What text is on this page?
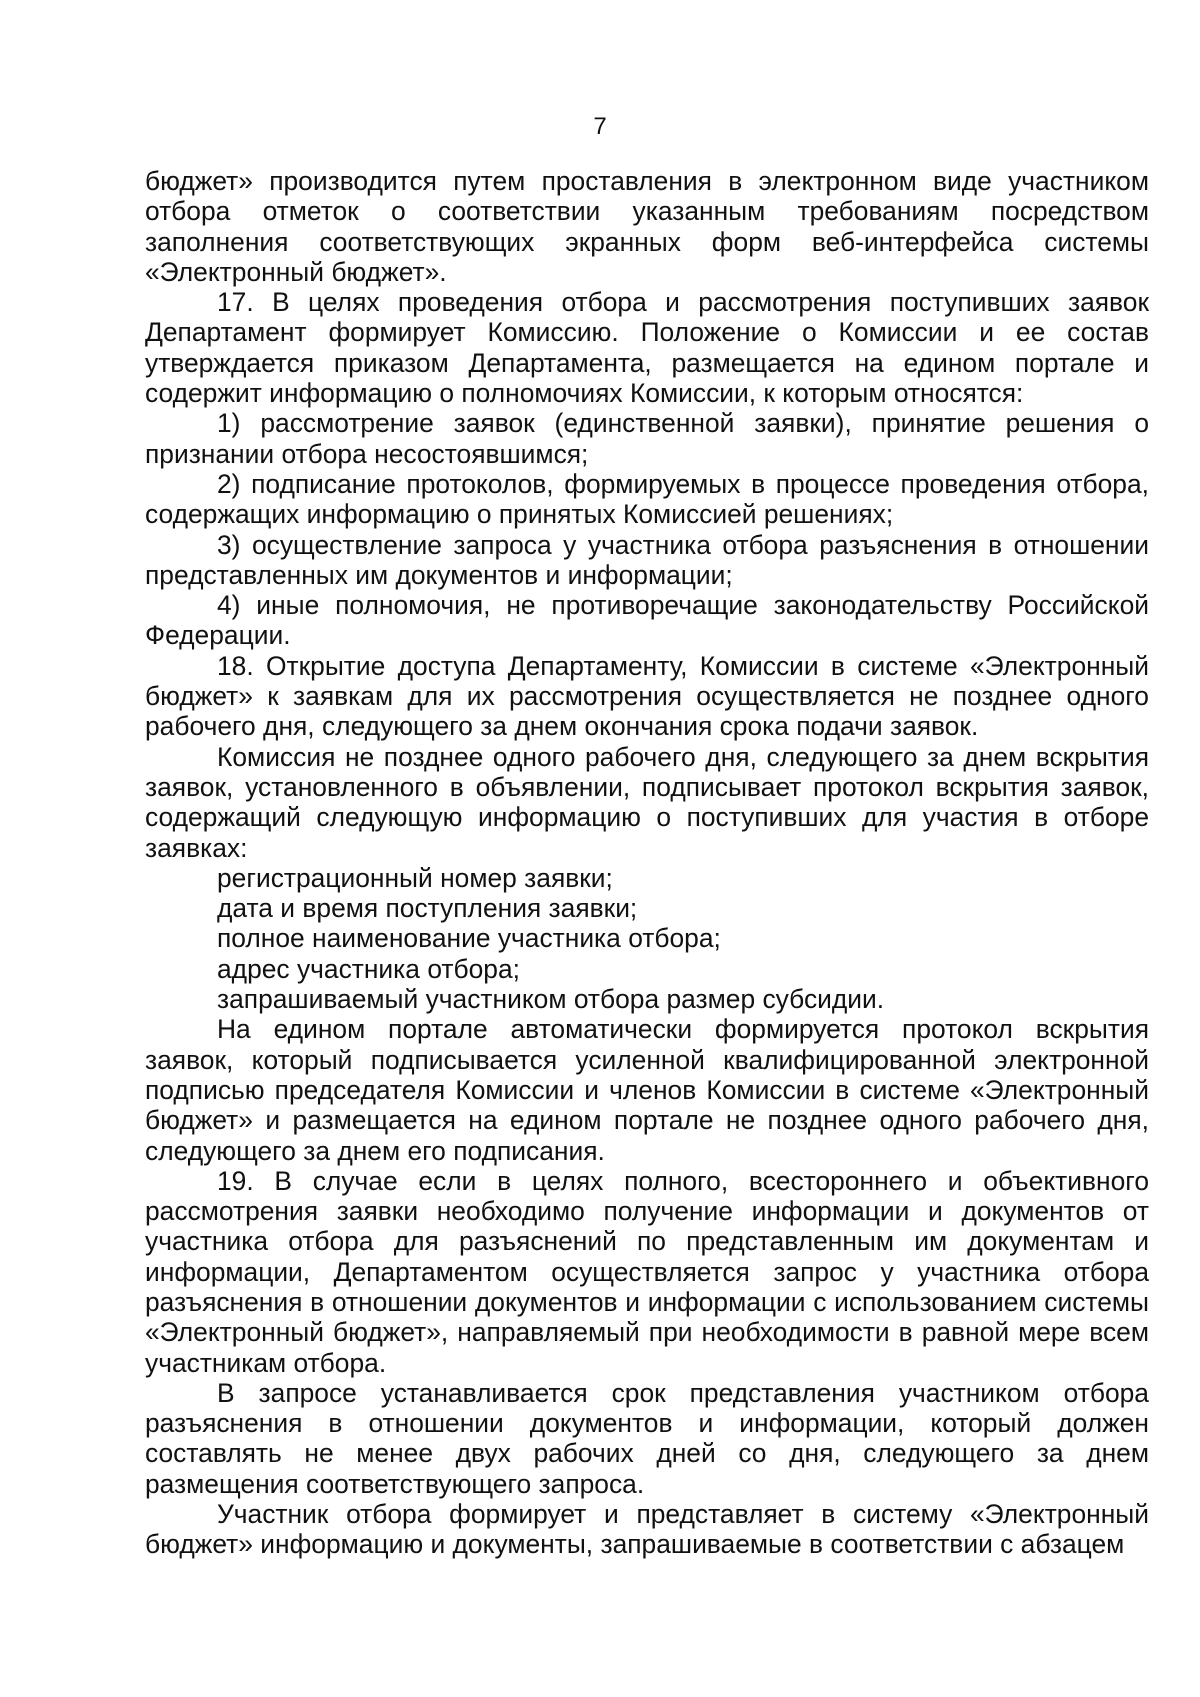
7

бюджет» производится путем проставления в электронном виде участником отбора отметок о соответствии указанным требованиям посредством заполнения соответствующих экранных форм веб-интерфейса системы «Электронный бюджет».

17. В целях проведения отбора и рассмотрения поступивших заявок Департамент формирует Комиссию. Положение о Комиссии и ее состав утверждается приказом Департамента, размещается на едином портале и содержит информацию о полномочиях Комиссии, к которым относятся:

1) рассмотрение заявок (единственной заявки), принятие решения о признании отбора несостоявшимся;

2) подписание протоколов, формируемых в процессе проведения отбора, содержащих информацию о принятых Комиссией решениях;

3) осуществление запроса у участника отбора разъяснения в отношении представленных им документов и информации;

4) иные полномочия, не противоречащие законодательству Российской Федерации.

18. Открытие доступа Департаменту, Комиссии в системе «Электронный бюджет» к заявкам для их рассмотрения осуществляется не позднее одного рабочего дня, следующего за днем окончания срока подачи заявок.

Комиссия не позднее одного рабочего дня, следующего за днем вскрытия заявок, установленного в объявлении, подписывает протокол вскрытия заявок, содержащий следующую информацию о поступивших для участия в отборе заявках:

регистрационный номер заявки;

дата и время поступления заявки;

полное наименование участника отбора;

адрес участника отбора;

запрашиваемый участником отбора размер субсидии.

На едином портале автоматически формируется протокол вскрытия заявок, который подписывается усиленной квалифицированной электронной подписью председателя Комиссии и членов Комиссии в системе «Электронный бюджет» и размещается на едином портале не позднее одного рабочего дня, следующего за днем его подписания.

19. В случае если в целях полного, всестороннего и объективного рассмотрения заявки необходимо получение информации и документов от участника отбора для разъяснений по представленным им документам и информации, Департаментом осуществляется запрос у участника отбора разъяснения в отношении документов и информации с использованием системы «Электронный бюджет», направляемый при необходимости в равной мере всем участникам отбора.

В запросе устанавливается срок представления участником отбора разъяснения в отношении документов и информации, который должен составлять не менее двух рабочих дней со дня, следующего за днем размещения соответствующего запроса.

Участник отбора формирует и представляет в систему «Электронный бюджет» информацию и документы, запрашиваемые в соответствии с абзацем
